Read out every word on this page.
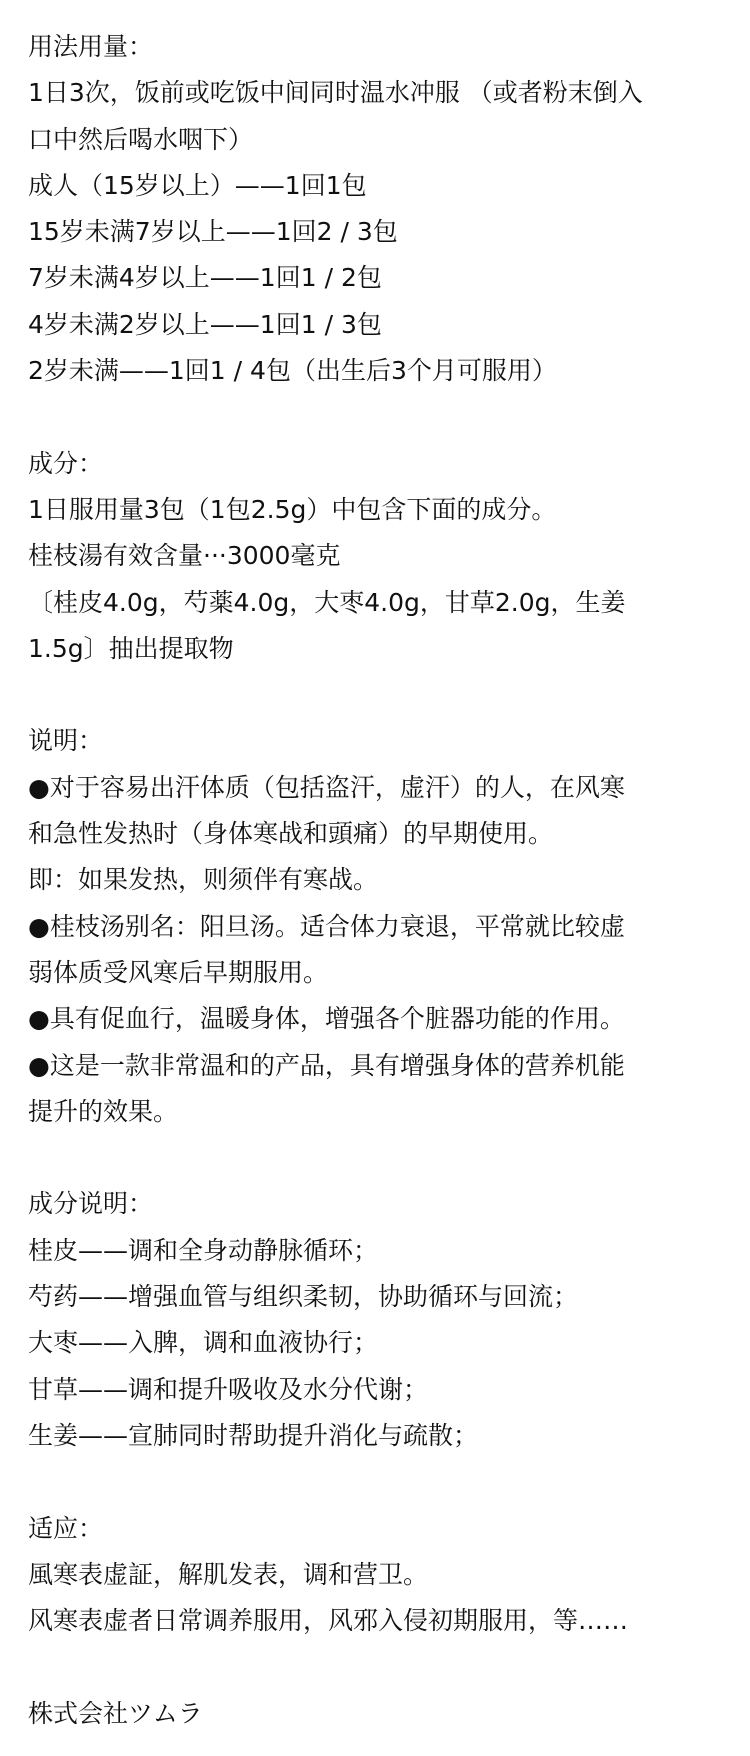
用法用量：
1日3次，饭前或吃饭中间同时温水冲服 （或者粉末倒入
口中然后喝水咽下）
成人（15岁以上）——1回1包
15岁未满7岁以上——1回2 / 3包
7岁未满4岁以上——1回1 / 2包
4岁未满2岁以上——1回1 / 3包
2岁未满——1回1 / 4包（出生后3个月可服用）
成分：
1日服用量3包（1包2.5g）中包含下面的成分。
桂枝湯有效含量···3000毫克
〔桂皮4.0g，芍薬4.0g，大枣4.0g，甘草2.0g，生姜
1.5g〕抽出提取物
说明：
●对于容易出汗体质（包括盗汗，虚汗）的人，在风寒
和急性发热时（身体寒战和頭痛）的早期使用。
即：如果发热，则须伴有寒战。
●桂枝汤别名：阳旦汤。适合体力衰退，平常就比较虚
弱体质受风寒后早期服用。
●具有促血行，温暖身体，增强各个脏器功能的作用。
●这是一款非常温和的产品，具有增强身体的营养机能
提升的效果。
成分说明：
桂皮——调和全身动静脉循环；
芍药——增强血管与组织柔韧，协助循环与回流；
大枣——入脾，调和血液协行；
甘草——调和提升吸收及水分代谢；
生姜——宣肺同时帮助提升消化与疏散；
适应：
風寒表虚証，解肌发表，调和营卫。
风寒表虚者日常调养服用，风邪入侵初期服用，等……
株式会社ツムラ
